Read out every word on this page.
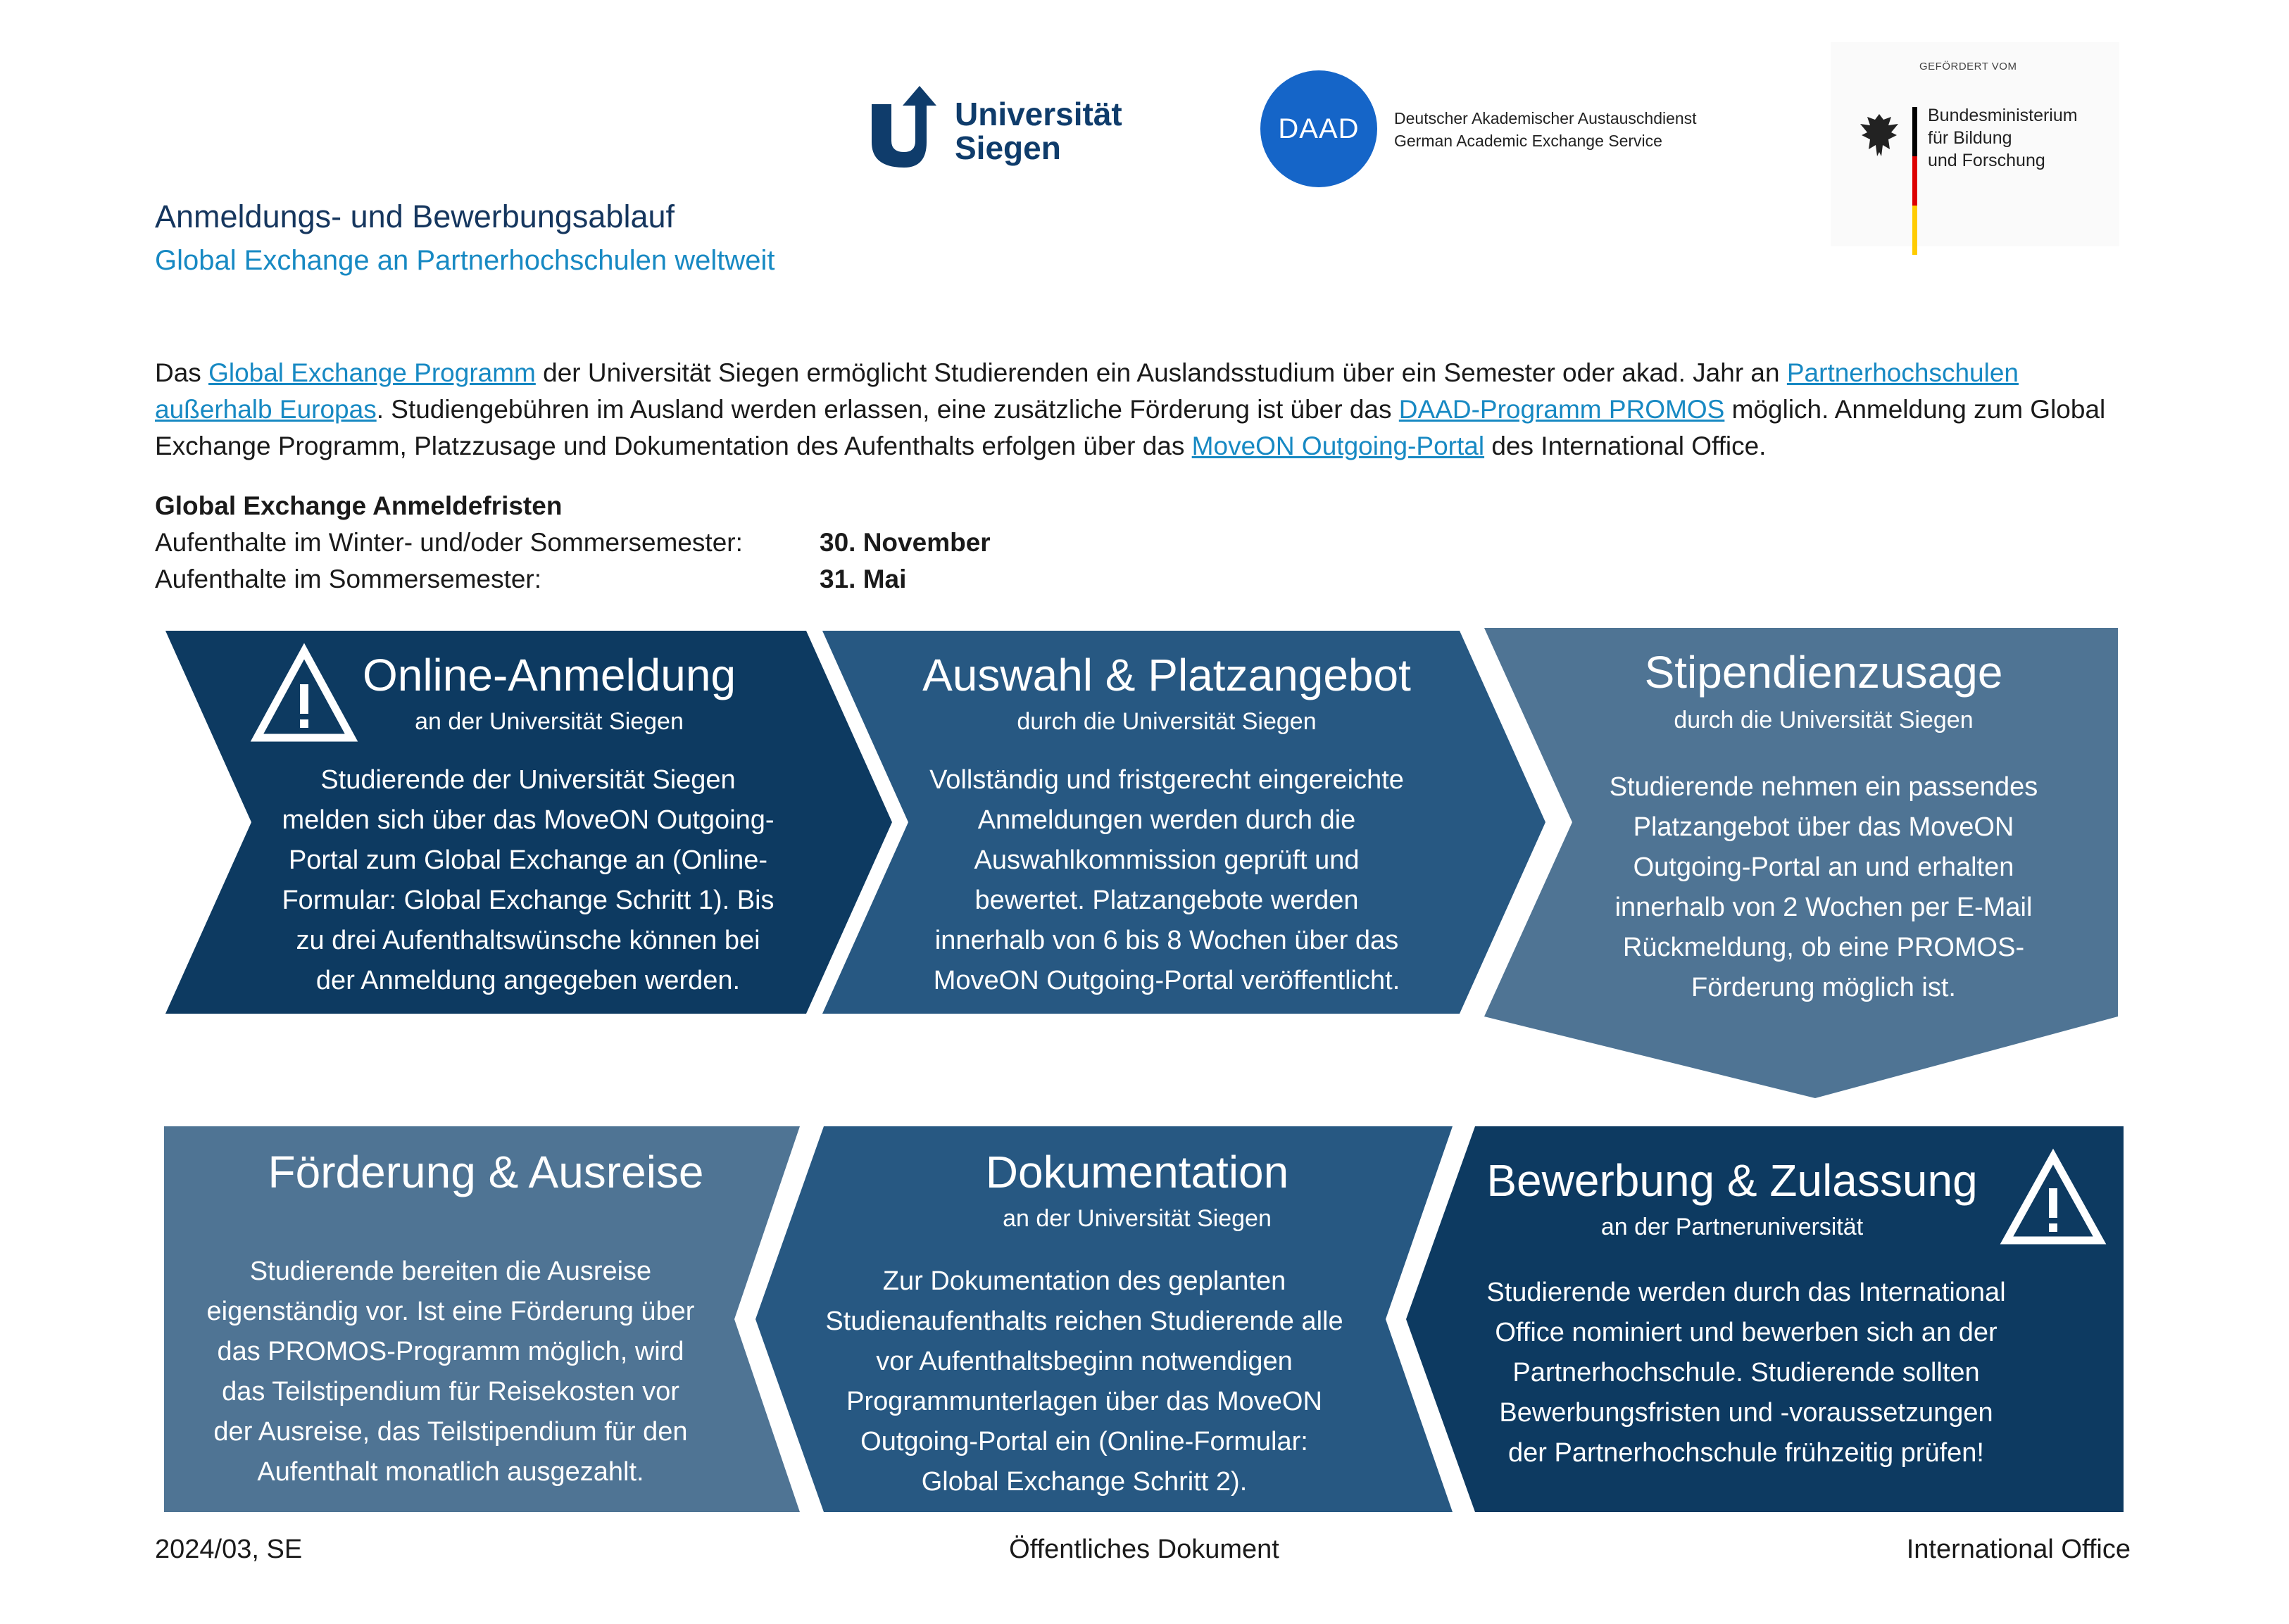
Universität
Siegen
DAAD	Deutscher Akademischer Austauschdienst
German Academic Exchange Service
GEFÖRDERT VOM
Bundesministerium
für Bildung
und Forschung
Anmeldungs- und Bewerbungsablauf
Global Exchange an Partnerhochschulen weltweit
Das Global Exchange Programm der Universität Siegen ermöglicht Studierenden ein Auslandsstudium über ein Semester oder akad. Jahr an Partnerhochschulen außerhalb Europas. Studiengebühren im Ausland werden erlassen, eine zusätzliche Förderung ist über das DAAD-Programm PROMOS möglich. Anmeldung zum Global Exchange Programm, Platzzusage und Dokumentation des Aufenthalts erfolgen über das MoveON Outgoing-Portal des International Office.
Global Exchange Anmeldefristen
Aufenthalte im Winter- und/oder Sommersemester:	30. November
Aufenthalte im Sommersemester:	31. Mai
Online-Anmeldung
an der Universität Siegen
Studierende der Universität Siegen
melden sich über das MoveON Outgoing-
Portal zum Global Exchange an (Online-
Formular: Global Exchange Schritt 1). Bis
zu drei Aufenthaltswünsche können bei
der Anmeldung angegeben werden.
Auswahl & Platzangebot
durch die Universität Siegen
Vollständig und fristgerecht eingereichte
Anmeldungen werden durch die
Auswahlkommission geprüft und
bewertet. Platzangebote werden
innerhalb von 6 bis 8 Wochen über das
MoveON Outgoing-Portal veröffentlicht.
Stipendienzusage
durch die Universität Siegen
Studierende nehmen ein passendes
Platzangebot über das MoveON
Outgoing-Portal an und erhalten
innerhalb von 2 Wochen per E-Mail
Rückmeldung, ob eine PROMOS-
Förderung möglich ist.
Förderung & Ausreise
Studierende bereiten die Ausreise
eigenständig vor. Ist eine Förderung über
das PROMOS-Programm möglich, wird
das Teilstipendium für Reisekosten vor
der Ausreise, das Teilstipendium für den
Aufenthalt monatlich ausgezahlt.
Dokumentation
an der Universität Siegen
Zur Dokumentation des geplanten
Studienaufenthalts reichen Studierende alle
vor Aufenthaltsbeginn notwendigen
Programmunterlagen über das MoveON
Outgoing-Portal ein (Online-Formular:
Global Exchange Schritt 2).
Bewerbung & Zulassung
an der Partneruniversität
Studierende werden durch das International
Office nominiert und bewerben sich an der
Partnerhochschule. Studierende sollten
Bewerbungsfristen und -voraussetzungen
der Partnerhochschule frühzeitig prüfen!
2024/03, SE	Öffentliches Dokument	International Office
